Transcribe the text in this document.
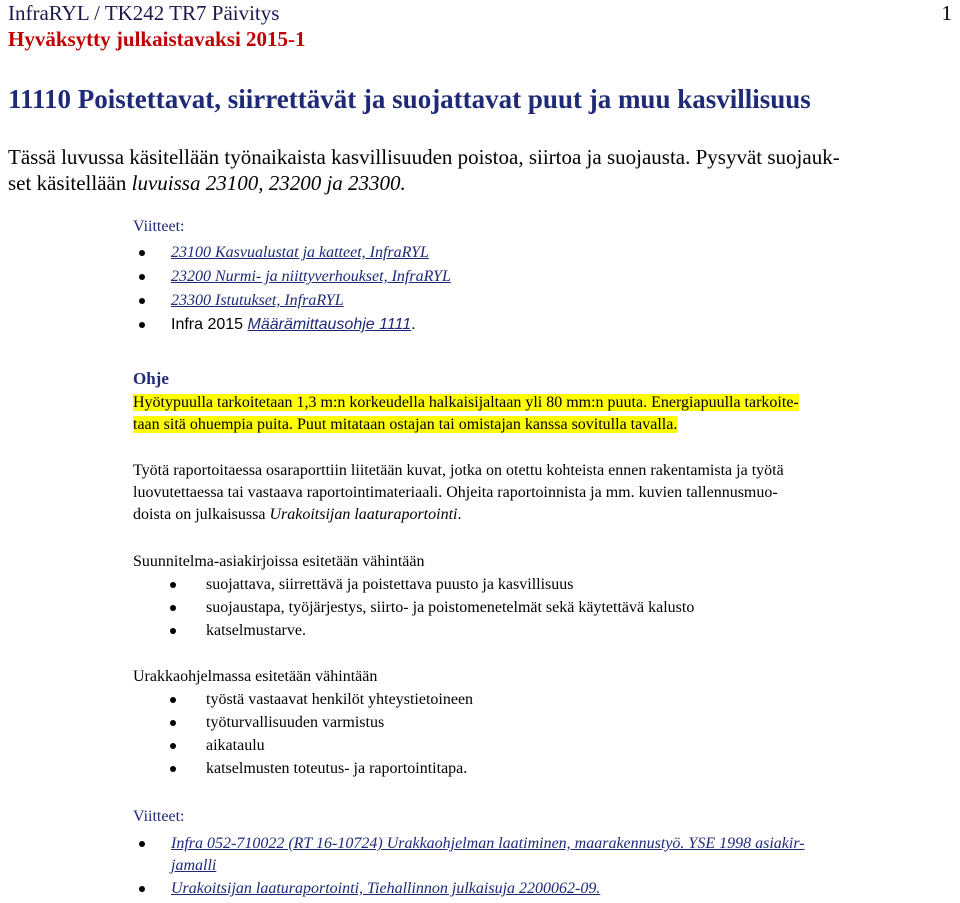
InfraRYL / TK242 TR7 Päivitys
Hyväksytty julkaistavaksi 2015-1
1
11110 Poistettavat, siirrettävät ja suojattavat puut ja muu kasvillisuus
Tässä luvussa käsitellään työnaikaista kasvillisuuden poistoa, siirtoa ja suojausta. Pysyvät suojauk-
set käsitellään luvuissa 23100, 23200 ja 23300.
Viitteet:
23100 Kasvualustat ja katteet, InfraRYL
23200 Nurmi- ja niittyverhoukset, InfraRYL
23300 Istutukset, InfraRYL
Infra 2015 Määrämittausohje 1111.
Ohje
Hyötypuulla tarkoitetaan 1,3 m:n korkeudella halkaisijaltaan yli 80 mm:n puuta. Energiapuulla tarkoite-
taan sitä ohuempia puita. Puut mitataan ostajan tai omistajan kanssa sovitulla tavalla.
Työtä raportoitaessa osaraporttiin liitetään kuvat, jotka on otettu kohteista ennen rakentamista ja työtä
luovutettaessa tai vastaava raportointimateriaali. Ohjeita raportoinnista ja mm. kuvien tallennusmuo-
doista on julkaisussa Urakoitsijan laaturaportointi.
Suunnitelma-asiakirjoissa esitetään vähintään
suojattava, siirrettävä ja poistettava puusto ja kasvillisuus
suojaustapa, työjärjestys, siirto- ja poistomenetelmät sekä käytettävä kalusto
katselmustarve.
Urakkaohjelmassa esitetään vähintään
työstä vastaavat henkilöt yhteystietoineen
työturvallisuuden varmistus
aikataulu
katselmusten toteutus- ja raportointitapa.
Viitteet:
Infra 052-710022 (RT 16-10724) Urakkaohjelman laatiminen, maarakennustyö. YSE 1998 asiakir-
jamalli
Urakoitsijan laaturaportointi, Tiehallinnon julkaisuja 2200062-09.
